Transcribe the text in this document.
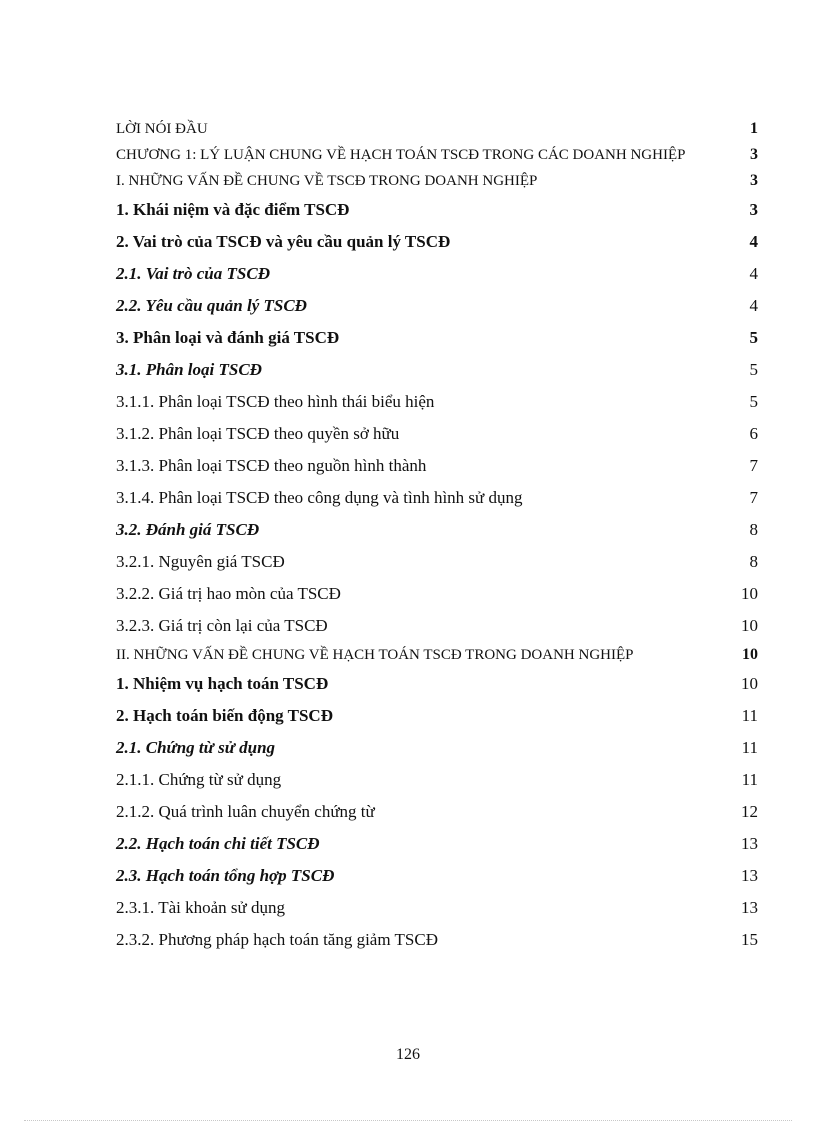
LỜI NÓI ĐẦU	1
CHƯƠNG 1: LÝ LUẬN CHUNG VỀ HẠCH TOÁN TSCĐ TRONG CÁC DOANH NGHIỆP	3
I. NHỮNG VẤN ĐỀ CHUNG VỀ TSCĐ TRONG DOANH NGHIỆP	3
1. Khái niệm và đặc điểm TSCĐ	3
2. Vai trò của TSCĐ và yêu cầu quản lý TSCĐ	4
2.1. Vai trò của TSCĐ	4
2.2. Yêu cầu quản lý TSCĐ	4
3. Phân loại và đánh giá TSCĐ	5
3.1. Phân loại TSCĐ	5
3.1.1. Phân loại TSCĐ theo hình thái biểu hiện	5
3.1.2. Phân loại TSCĐ theo quyền sở hữu	6
3.1.3. Phân loại TSCĐ theo nguồn hình thành	7
3.1.4. Phân loại TSCĐ theo công dụng và tình hình sử dụng	7
3.2. Đánh giá TSCĐ	8
3.2.1. Nguyên giá TSCĐ	8
3.2.2. Giá trị hao mòn của TSCĐ	10
3.2.3. Giá trị còn lại của TSCĐ	10
II. NHỮNG VẤN ĐỀ CHUNG VỀ HẠCH TOÁN TSCĐ TRONG DOANH NGHIỆP	10
1. Nhiệm vụ hạch toán TSCĐ	10
2. Hạch toán biến động TSCĐ	11
2.1. Chứng từ sử dụng	11
2.1.1. Chứng từ sử dụng	11
2.1.2. Quá trình luân chuyển chứng từ	12
2.2. Hạch toán chi tiết TSCĐ	13
2.3. Hạch toán tổng hợp TSCĐ	13
2.3.1. Tài khoản sử dụng	13
2.3.2. Phương pháp hạch toán tăng giảm TSCĐ	15
126
